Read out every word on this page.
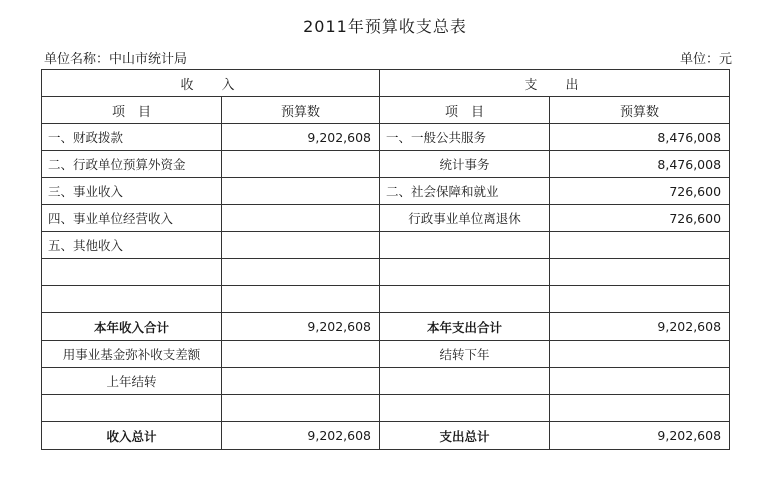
2011年预算收支总表
单位名称：中山市统计局	单位：元
收入		支出	
项　目	预算数	项　目	预算数
一、财政拨款	9,202,608	一、一般公共服务	8,476,008
二、行政单位预算外资金		统计事务	8,476,008
三、事业收入		二、社会保障和就业	726,600
四、事业单位经营收入		行政事业单位离退休	726,600
五、其他收入			

本年收入合计	9,202,608	本年支出合计	9,202,608
用事业基金弥补收支差额		结转下年	
上年结转			

收入总计	9,202,608	支出总计	9,202,608
